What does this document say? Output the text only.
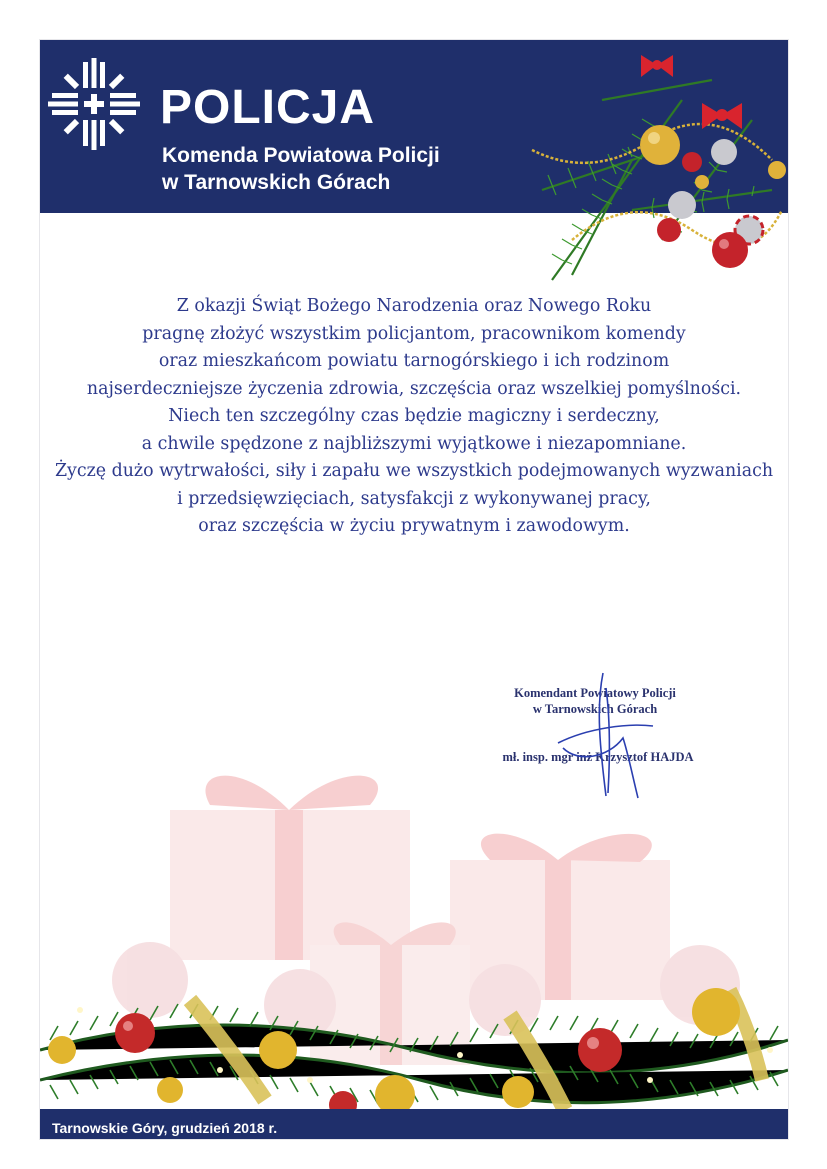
POLICJA
Komenda Powiatowa Policji
w Tarnowskich Górach
Z okazji Świąt Bożego Narodzenia oraz Nowego Roku
pragnę złożyć wszystkim policjantom, pracownikom komendy
oraz mieszkańcom powiatu tarnogórskiego i ich rodzinom
najserdeczniejsze życzenia zdrowia, szczęścia oraz wszelkiej pomyślności.
Niech ten szczególny czas będzie magiczny i serdeczny,
a chwile spędzone z najbliższymi wyjątkowe i niezapomniane.
Życzę dużo wytrwałości, siły i zapału we wszystkich podejmowanych wyzwaniach
i przedsięwzięciach, satysfakcji z wykonywanej pracy,
oraz szczęścia w życiu prywatnym i zawodowym.
Komendant Powiatowy Policji
w Tarnowskich Górach
mł. insp. mgr inż Krzysztof HAJDA
Tarnowskie Góry, grudzień 2018 r.
